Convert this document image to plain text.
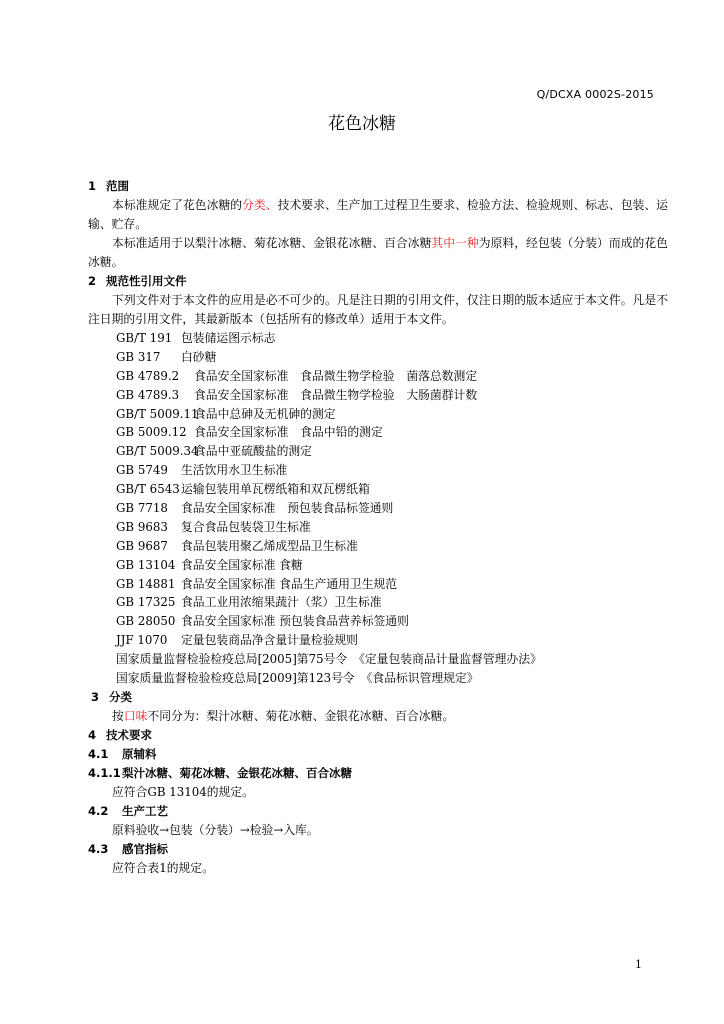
Q/DCXA 0002S-2015
花色冰糖
1 范围
本标准规定了花色冰糖的分类、技术要求、生产加工过程卫生要求、检验方法、检验规则、标志、包装、运输、贮存。
本标准适用于以梨汁冰糖、菊花冰糖、金银花冰糖、百合冰糖其中一种为原料，经包装（分装）而成的花色冰糖。
2 规范性引用文件
下列文件对于本文件的应用是必不可少的。凡是注日期的引用文件，仅注日期的版本适应于本文件。凡是不注日期的引用文件，其最新版本（包括所有的修改单）适用于本文件。
GB/T 191 包装储运图示标志
GB 317 白砂糖
GB 4789.2 食品安全国家标准　食品微生物学检验　菌落总数测定
GB 4789.3 食品安全国家标准　食品微生物学检验　大肠菌群计数
GB/T 5009.11食品中总砷及无机砷的测定
GB 5009.12 食品安全国家标准　食品中铅的测定
GB/T 5009.34食品中亚硫酸盐的测定
GB 5749 生活饮用水卫生标准
GB/T 6543运输包装用单瓦楞纸箱和双瓦楞纸箱
GB 7718 食品安全国家标准　预包装食品标签通则
GB 9683 复合食品包装袋卫生标准
GB 9687 食品包装用聚乙烯成型品卫生标准
GB 13104 食品安全国家标准 食糖
GB 14881 食品安全国家标准 食品生产通用卫生规范
GB 17325 食品工业用浓缩果蔬汁（浆）卫生标准
GB 28050 食品安全国家标准 预包装食品营养标签通则
JJF 1070 定量包装商品净含量计量检验规则
国家质量监督检验检疫总局[2005]第75号令　《定量包装商品计量监督管理办法》
国家质量监督检验检疫总局[2009]第123号令　《食品标识管理规定》
3 分类
按口味不同分为：梨汁冰糖、菊花冰糖、金银花冰糖、百合冰糖。
4 技术要求
4.1 原辅料
4.1.1梨汁冰糖、菊花冰糖、金银花冰糖、百合冰糖
应符合GB 13104的规定。
4.2 生产工艺
原料验收→包装（分装）→检验→入库。
4.3 感官指标
应符合表1的规定。
1
